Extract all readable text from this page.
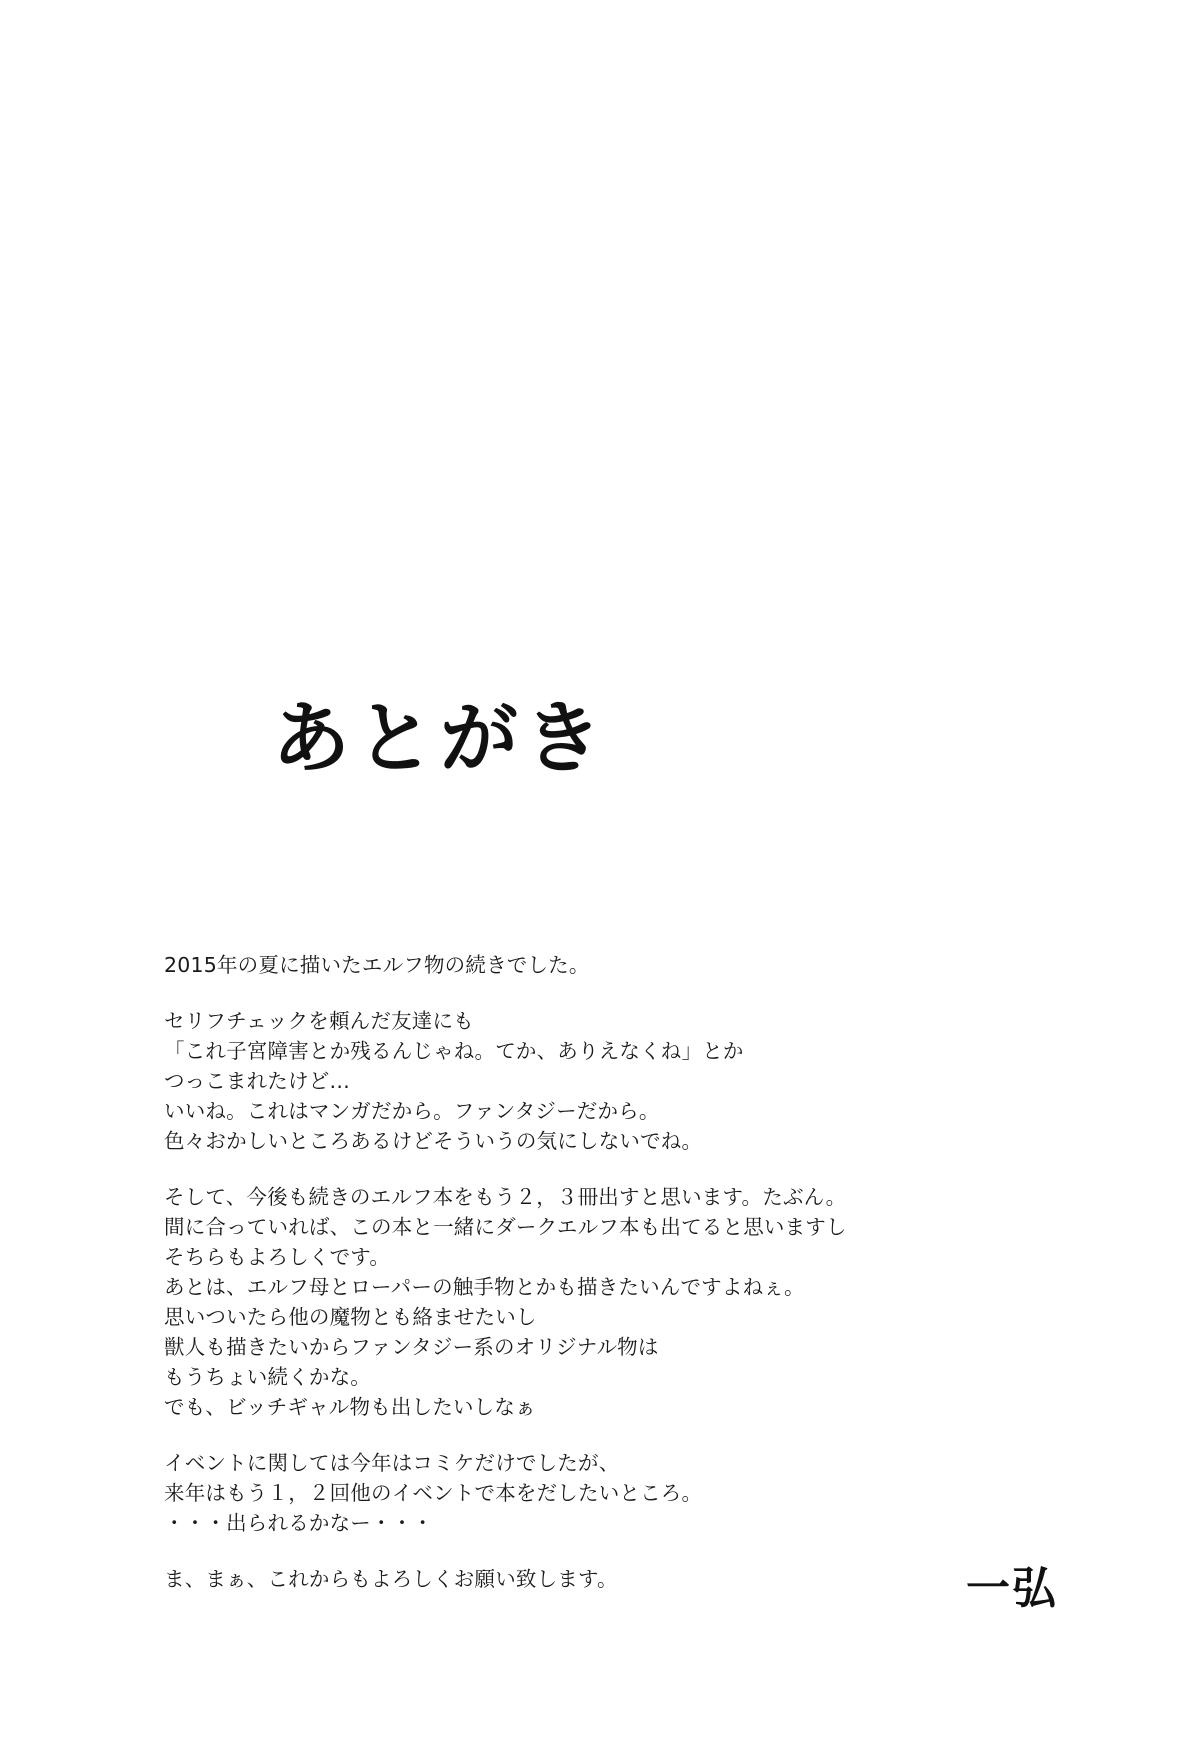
あとがき
2015年の夏に描いたエルフ物の続きでした。
セリフチェックを頼んだ友達にも
「これ子宮障害とか残るんじゃね。てか、ありえなくね」とか
つっこまれたけど…
いいね。これはマンガだから。ファンタジーだから。
色々おかしいところあるけどそういうの気にしないでね。
そして、今後も続きのエルフ本をもう２，３冊出すと思います。たぶん。
間に合っていれば、この本と一緒にダークエルフ本も出てると思いますし
そちらもよろしくです。
あとは、エルフ母とローパーの触手物とかも描きたいんですよねぇ。
思いついたら他の魔物とも絡ませたいし
獣人も描きたいからファンタジー系のオリジナル物は
もうちょい続くかな。
でも、ビッチギャル物も出したいしなぁ
イベントに関しては今年はコミケだけでしたが、
来年はもう１，２回他のイベントで本をだしたいところ。
・・・出られるかなー・・・
ま、まぁ、これからもよろしくお願い致します。	一弘
